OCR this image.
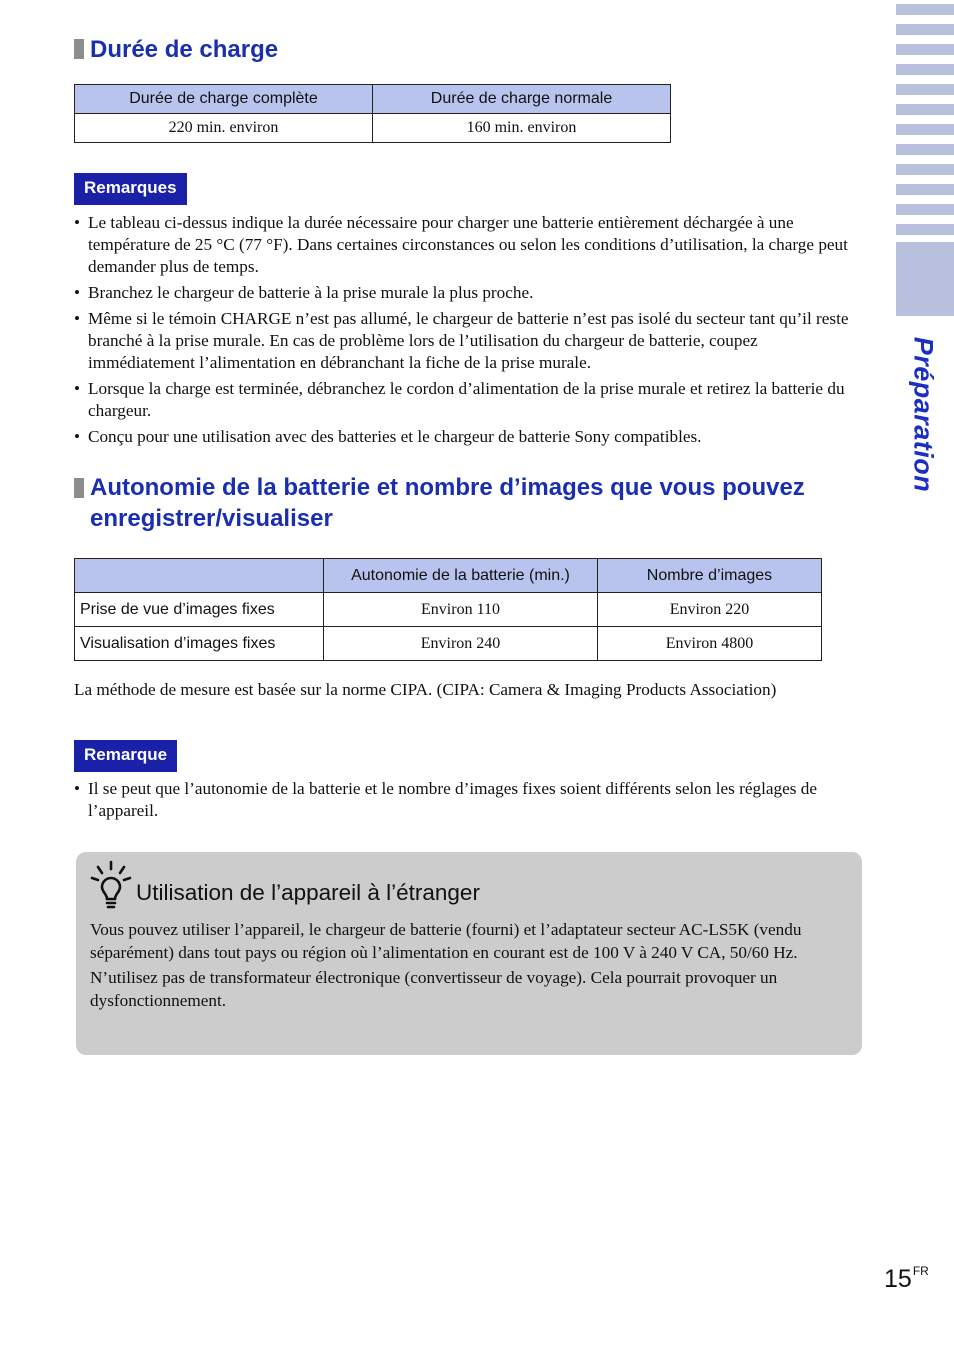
Préparation
Durée de charge
Durée de charge complète	Durée de charge normale
220 min. environ	160 min. environ
Remarques
• Le tableau ci-dessus indique la durée nécessaire pour charger une batterie entièrement déchargée à une température de 25 °C (77 °F). Dans certaines circonstances ou selon les conditions d’utilisation, la charge peut demander plus de temps.
• Branchez le chargeur de batterie à la prise murale la plus proche.
• Même si le témoin CHARGE n’est pas allumé, le chargeur de batterie n’est pas isolé du secteur tant qu’il reste branché à la prise murale. En cas de problème lors de l’utilisation du chargeur de batterie, coupez immédiatement l’alimentation en débranchant la fiche de la prise murale.
• Lorsque la charge est terminée, débranchez le cordon d’alimentation de la prise murale et retirez la batterie du chargeur.
• Conçu pour une utilisation avec des batteries et le chargeur de batterie Sony compatibles.
Autonomie de la batterie et nombre d’images que vous pouvez enregistrer/visualiser
	Autonomie de la batterie (min.)	Nombre d’images
Prise de vue d’images fixes	Environ 110	Environ 220
Visualisation d’images fixes	Environ 240	Environ 4800

La méthode de mesure est basée sur la norme CIPA. (CIPA: Camera & Imaging Products Association)

Remarque
• Il se peut que l’autonomie de la batterie et le nombre d’images fixes soient différents selon les réglages de l’appareil.
Utilisation de l’appareil à l’étranger

Vous pouvez utiliser l’appareil, le chargeur de batterie (fourni) et l’adaptateur secteur AC-LS5K (vendu séparément) dans tout pays ou région où l’alimentation en courant est de 100 V à 240 V CA, 50/60 Hz.

N’utilisez pas de transformateur électronique (convertisseur de voyage). Cela pourrait provoquer un dysfonctionnement.

$15^{FR}$
